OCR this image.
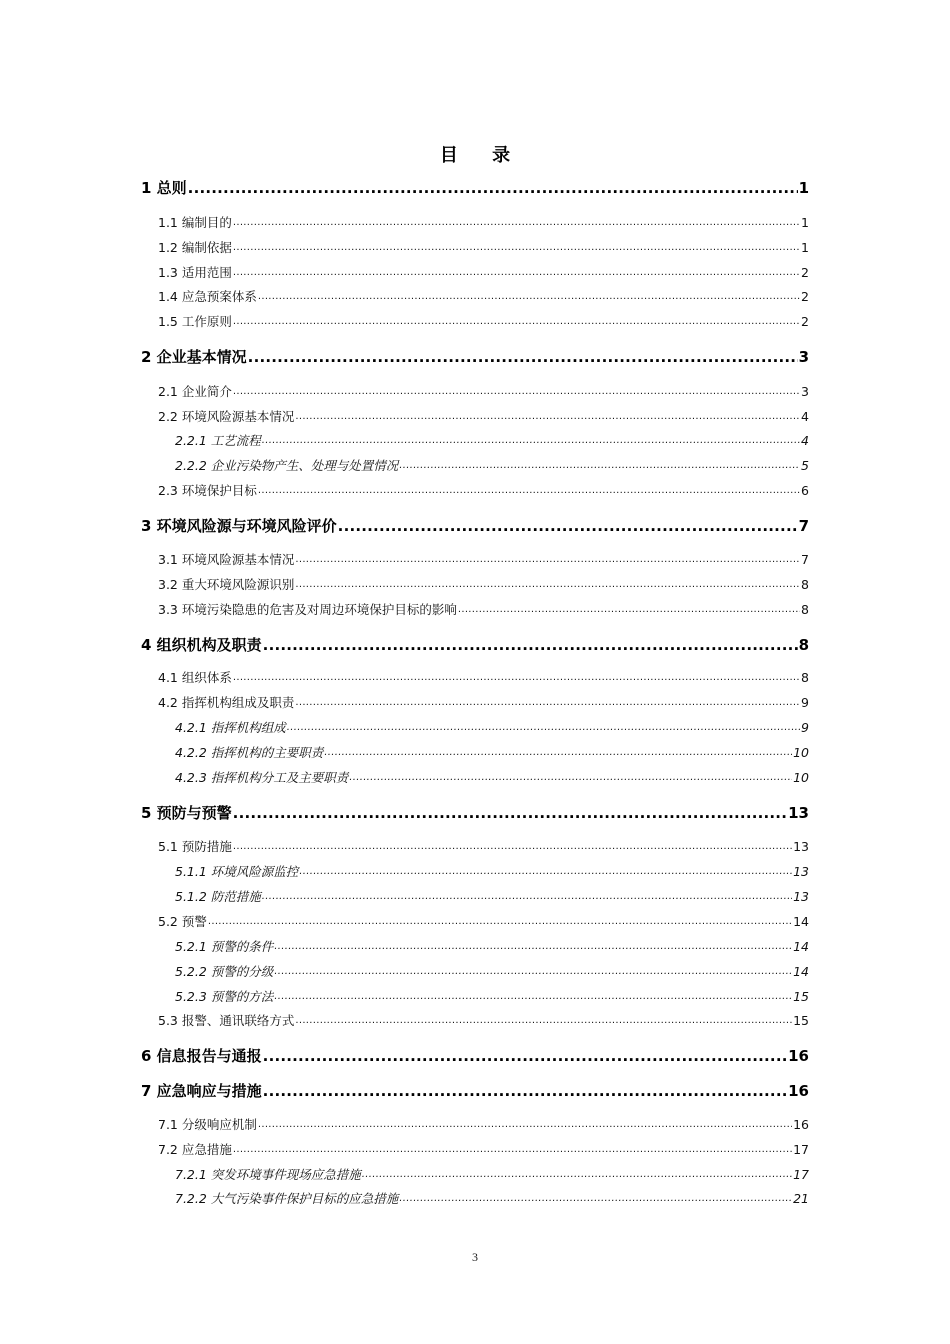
目 录
1 总则 .....	1
1.1 编制目的 .....	1
1.2 编制依据 .....	1
1.3 适用范围 .....	2
1.4 应急预案体系 .....	2
1.5 工作原则 .....	2
2 企业基本情况 .....	3
2.1 企业简介 .....	3
2.2 环境风险源基本情况 .....	4
2.2.1 工艺流程 .....	4
2.2.2 企业污染物产生、处理与处置情况 .....	5
2.3 环境保护目标 .....	6
3 环境风险源与环境风险评价 .....	7
3.1 环境风险源基本情况 .....	7
3.2 重大环境风险源识别 .....	8
3.3 环境污染隐患的危害及对周边环境保护目标的影响 .....	8
4 组织机构及职责 .....	8
4.1 组织体系 .....	8
4.2 指挥机构组成及职责 .....	9
4.2.1 指挥机构组成 .....	9
4.2.2 指挥机构的主要职责 .....	10
4.2.3 指挥机构分工及主要职责 .....	10
5 预防与预警 .....	13
5.1 预防措施 .....	13
5.1.1 环境风险源监控 .....	13
5.1.2 防范措施 .....	13
5.2 预警 .....	14
5.2.1 预警的条件 .....	14
5.2.2 预警的分级 .....	14
5.2.3 预警的方法 .....	15
5.3 报警、通讯联络方式 .....	15
6 信息报告与通报 .....	16
7 应急响应与措施 .....	16
7.1 分级响应机制 .....	16
7.2 应急措施 .....	17
7.2.1 突发环境事件现场应急措施 .....	17
7.2.2 大气污染事件保护目标的应急措施 .....	21
3
